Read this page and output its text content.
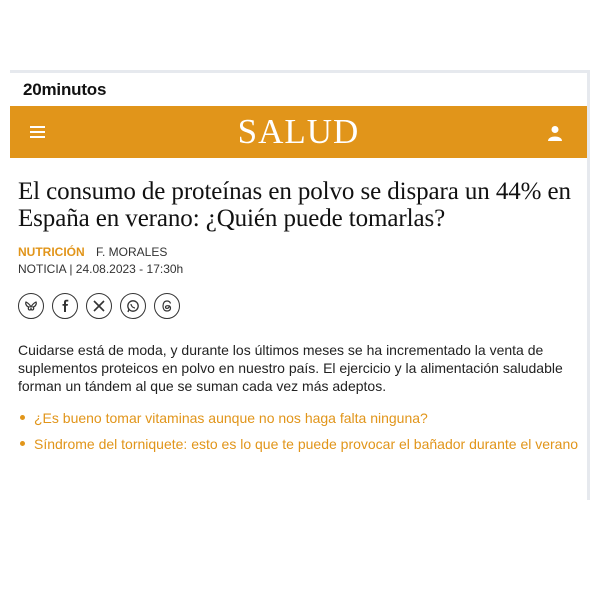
20minutos
SALUD
El consumo de proteínas en polvo se dispara un 44% en España en verano: ¿Quién puede tomarlas?
NUTRICIÓN F. MORALES
NOTICIA | 24.08.2023 - 17:30h

Cuidarse está de moda, y durante los últimos meses se ha incrementado la venta de suplementos proteicos en polvo en nuestro país. El ejercicio y la alimentación saludable forman un tándem al que se suman cada vez más adeptos.

¿Es bueno tomar vitaminas aunque no nos haga falta ninguna?
Síndrome del torniquete: esto es lo que te puede provocar el bañador durante el verano
